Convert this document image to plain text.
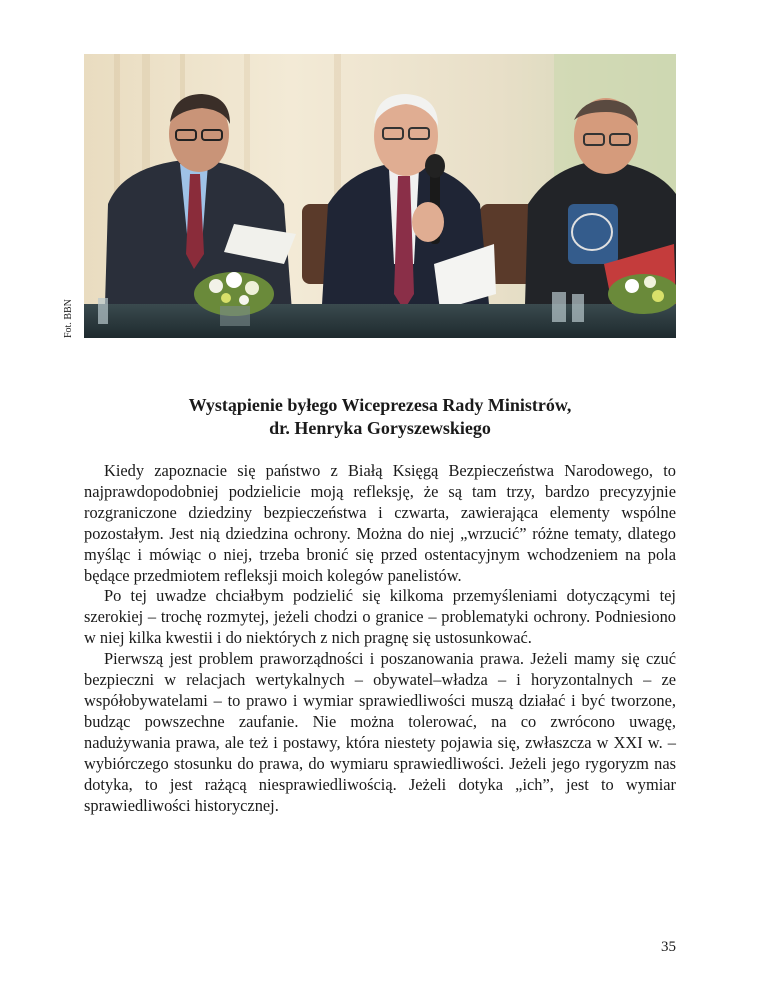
Fot. BBN
Wystąpienie byłego Wiceprezesa Rady Ministrów,
dr. Henryka Goryszewskiego

Kiedy zapoznacie się państwo z Białą Księgą Bezpieczeństwa Narodowego, to najprawdopodobniej podzielicie moją refleksję, że są tam trzy, bardzo precyzyjnie rozgraniczone dziedziny bezpieczeństwa i czwarta, zawierająca elementy wspólne pozostałym. Jest nią dziedzina ochrony. Można do niej „wrzucić” różne tematy, dlatego myśląc i mówiąc o niej, trzeba bronić się przed ostentacyjnym wchodzeniem na pola będące przedmiotem refleksji moich kolegów panelistów.

Po tej uwadze chciałbym podzielić się kilkoma przemyśleniami dotyczącymi tej szerokiej – trochę rozmytej, jeżeli chodzi o granice – problematyki ochrony. Podniesiono w niej kilka kwestii i do niektórych z nich pragnę się ustosunkować.

Pierwszą jest problem praworządności i poszanowania prawa. Jeżeli mamy się czuć bezpieczni w relacjach wertykalnych – obywatel–władza – i horyzontalnych – ze współobywatelami – to prawo i wymiar sprawiedliwości muszą działać i być tworzone, budząc powszechne zaufanie. Nie można tolerować, na co zwrócono uwagę, nadużywania prawa, ale też i postawy, która niestety pojawia się, zwłaszcza w XXI w. – wybiórczego stosunku do prawa, do wymiaru sprawiedliwości. Jeżeli jego rygoryzm nas dotyka, to jest rażącą niesprawiedliwością. Jeżeli dotyka „ich”, jest to wymiar sprawiedliwości historycznej.

35
